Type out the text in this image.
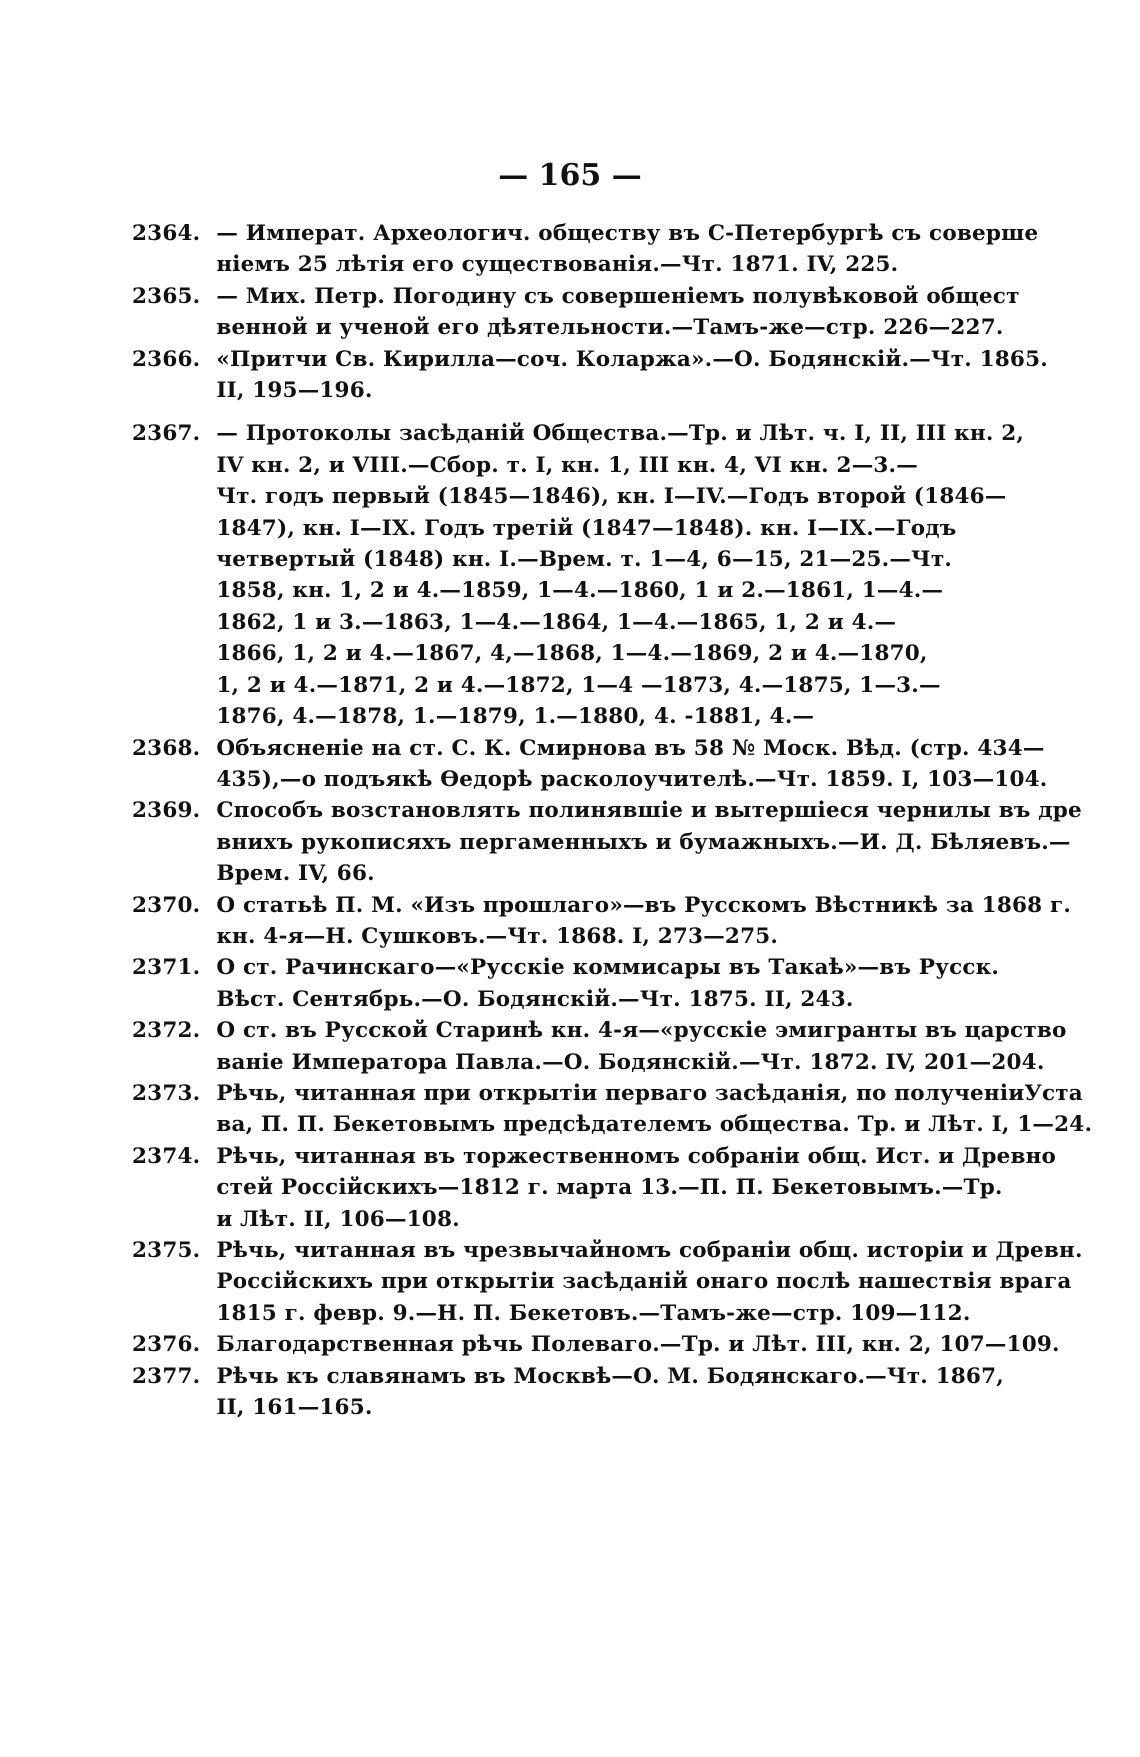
— 165 —
2364. — Императ. Археологич. обществу въ С-Петербургѣ съ соверше
ніемъ 25 лѣтія его существованія.—Чт. 1871. IV, 225.
2365. — Мих. Петр. Погодину съ совершеніемъ полувѣковой общест
венной и ученой его дѣятельности.—Тамъ-же—стр. 226—227.
2366. «Притчи Св. Кирилла—соч. Коларжа».—О. Бодянскій.—Чт. 1865.
II, 195—196.
2367. — Протоколы засѣданій Общества.—Тр. и Лѣт. ч. I, II, III кн. 2,
IV кн. 2, и VIII.—Сбор. т. I, кн. 1, III кн. 4, VI кн. 2—3.—
Чт. годъ первый (1845—1846), кн. I—IV.—Годъ второй (1846—
1847), кн. I—IX. Годъ третій (1847—1848). кн. I—IX.—Годъ
четвертый (1848) кн. I.—Врем. т. 1—4, 6—15, 21—25.—Чт.
1858, кн. 1, 2 и 4.—1859, 1—4.—1860, 1 и 2.—1861, 1—4.—
1862, 1 и 3.—1863, 1—4.—1864, 1—4.—1865, 1, 2 и 4.—
1866, 1, 2 и 4.—1867, 4,—1868, 1—4.—1869, 2 и 4.—1870,
1, 2 и 4.—1871, 2 и 4.—1872, 1—4 —1873, 4.—1875, 1—3.—
1876, 4.—1878, 1.—1879, 1.—1880, 4. -1881, 4.—
2368. Объясненіе на ст. С. К. Смирнова въ 58 № Моск. Вѣд. (стр. 434—
435),—о подъякѣ Ѳедорѣ расколоучителѣ.—Чт. 1859. I, 103—104.
2369. Способъ возстановлять полинявшіе и вытершіеся чернилы въ дре
внихъ рукописяхъ пергаменныхъ и бумажныхъ.—И. Д. Бѣляевъ.—
Врем. IV, 66.
2370. О статьѣ П. М. «Изъ прошлаго»—въ Русскомъ Вѣстникѣ за 1868 г.
кн. 4-я—Н. Сушковъ.—Чт. 1868. I, 273—275.
2371. О ст. Рачинскаго—«Русскіе коммисары въ Такаѣ»—въ Русск.
Вѣст. Сентябрь.—О. Бодянскій.—Чт. 1875. II, 243.
2372. О ст. въ Русской Старинѣ кн. 4-я—«русскіе эмигранты въ царство
ваніе Императора Павла.—О. Бодянскій.—Чт. 1872. IV, 201—204.
2373. Рѣчь, читанная при открытіи перваго засѣданія, по полученіиУста
ва, П. П. Бекетовымъ предсѣдателемъ общества. Тр. и Лѣт. I, 1—24.
2374. Рѣчь, читанная въ торжественномъ собраніи общ. Ист. и Древно
стей Россійскихъ—1812 г. марта 13.—П. П. Бекетовымъ.—Тр.
и Лѣт. II, 106—108.
2375. Рѣчь, читанная въ чрезвычайномъ собраніи общ. исторіи и Древн.
Россійскихъ при открытіи засѣданій онаго послѣ нашествія врага
1815 г. февр. 9.—Н. П. Бекетовъ.—Тамъ-же—стр. 109—112.
2376. Благодарственная рѣчь Полеваго.—Тр. и Лѣт. III, кн. 2, 107—109.
2377. Рѣчь къ славянамъ въ Москвѣ—О. М. Бодянскаго.—Чт. 1867,
II, 161—165.
